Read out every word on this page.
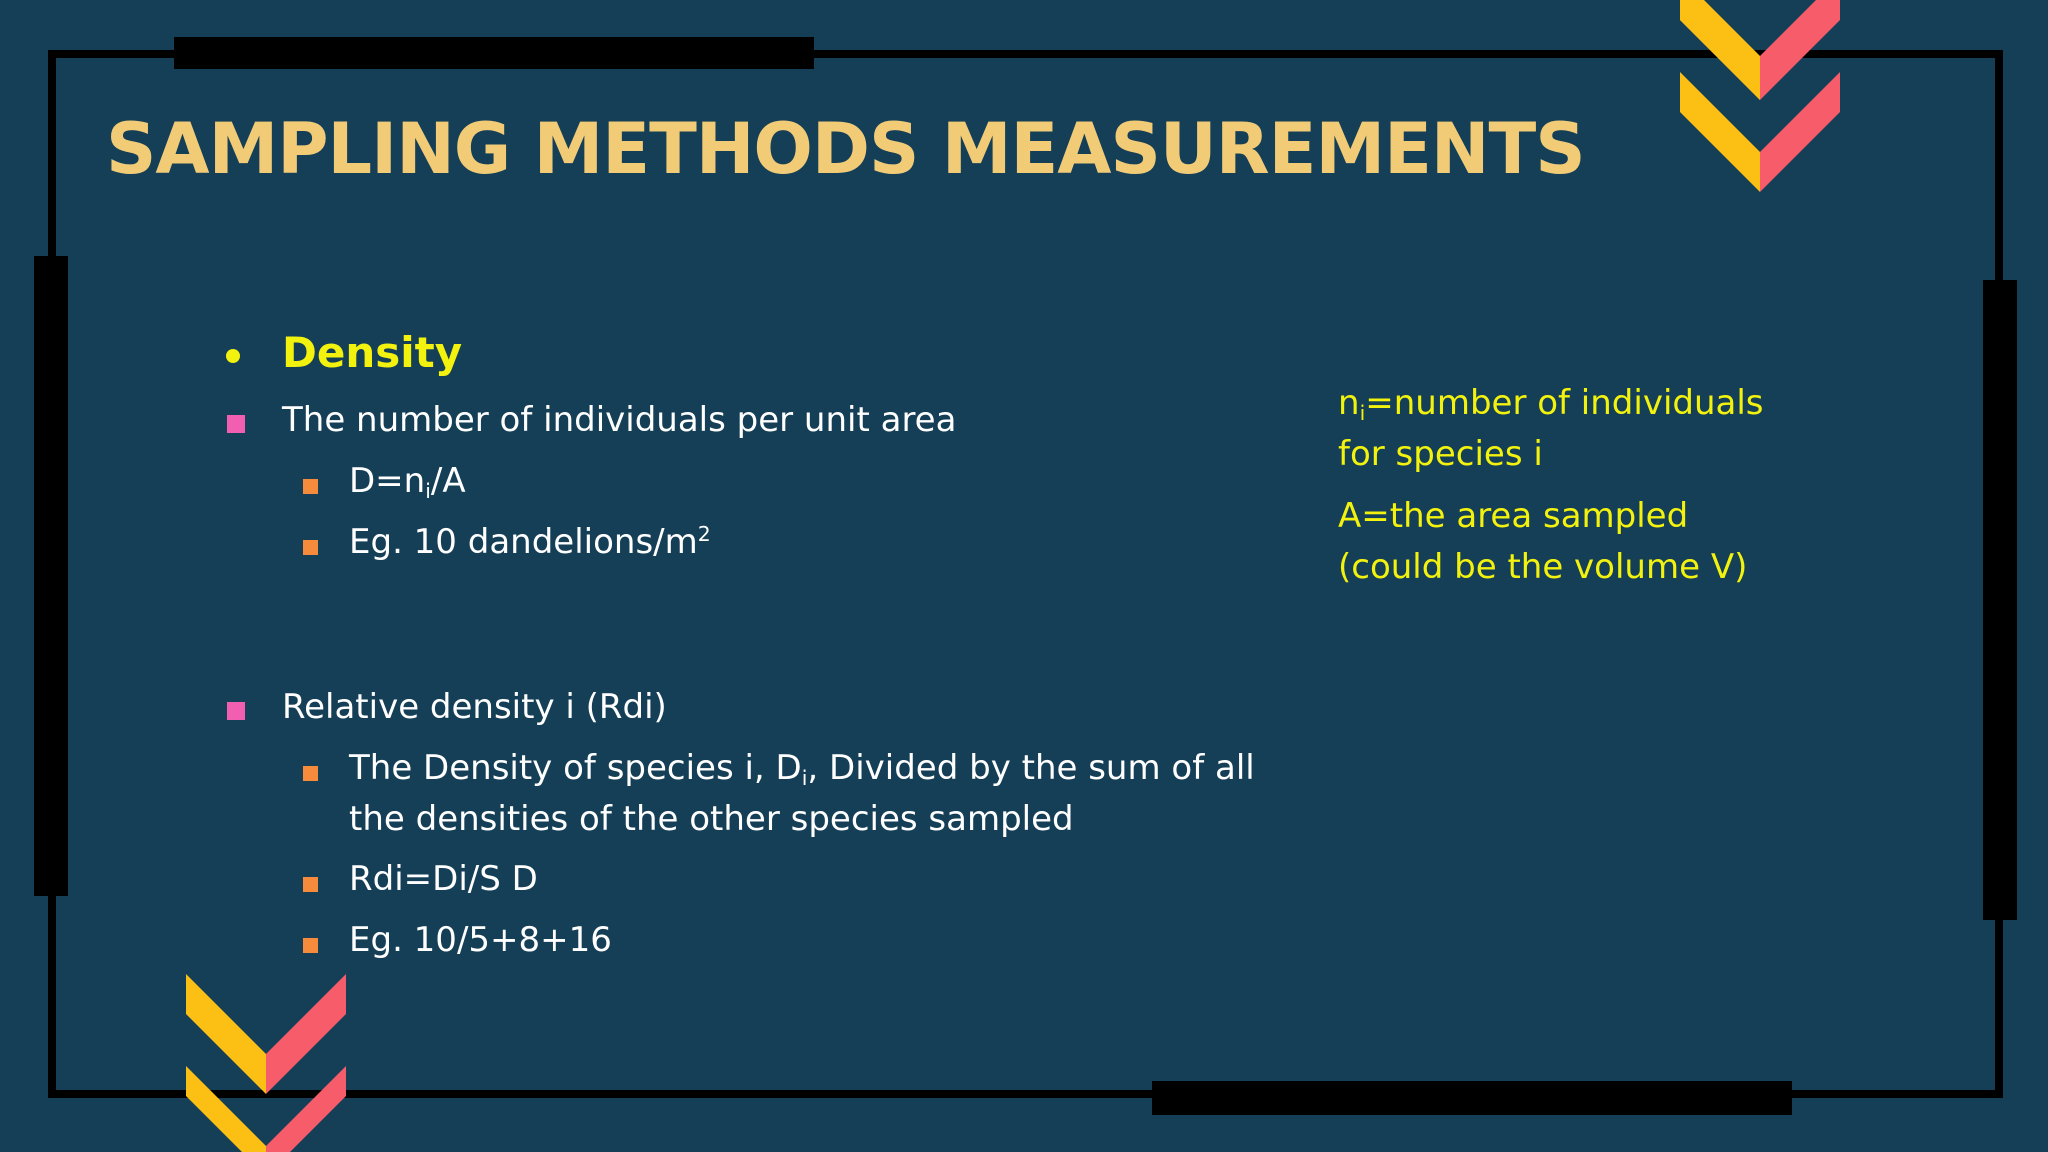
SAMPLING METHODS MEASUREMENTS
Density
The number of individuals per unit area
$D=n_i/A$
Eg. 10 dandelions/$m^2$
Relative density i (Rdi)
The Density of species i, $D_i$, Divided by the sum of all
the densities of the other species sampled
Rdi=Di/S D
Eg. 10/5+8+16
$n_i=number$ of individuals
for species i
A=the area sampled
(could be the volume V)
